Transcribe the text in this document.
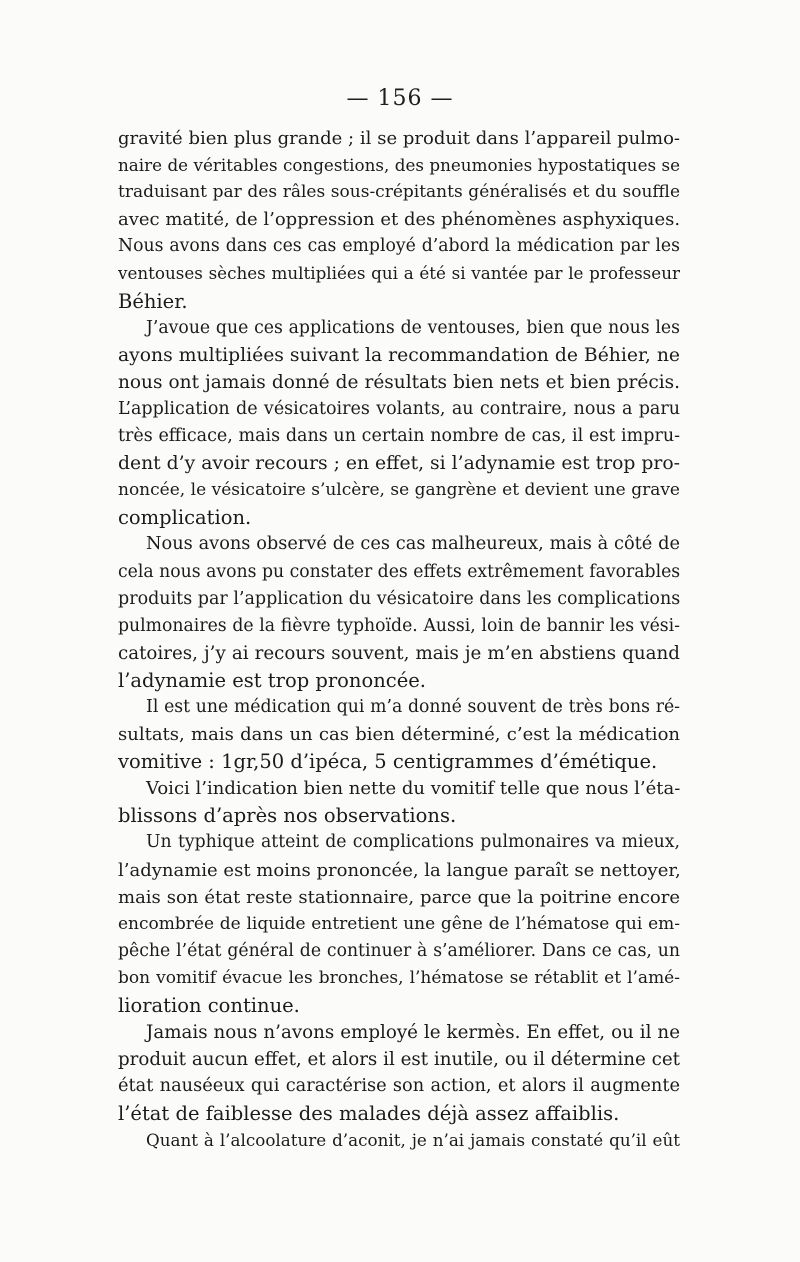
— 156 —
gravité bien plus grande ; il se produit dans l’appareil pulmo-
naire de véritables congestions, des pneumonies hypostatiques se
traduisant par des râles sous-crépitants généralisés et du souffle
avec matité, de l’oppression et des phénomènes asphyxiques.
Nous avons dans ces cas employé d’abord la médication par les
ventouses sèches multipliées qui a été si vantée par le professeur
Béhier.
J’avoue que ces applications de ventouses, bien que nous les
ayons multipliées suivant la recommandation de Béhier, ne
nous ont jamais donné de résultats bien nets et bien précis.
L’application de vésicatoires volants, au contraire, nous a paru
très efficace, mais dans un certain nombre de cas, il est impru-
dent d’y avoir recours ; en effet, si l’adynamie est trop pro-
noncée, le vésicatoire s’ulcère, se gangrène et devient une grave
complication.
Nous avons observé de ces cas malheureux, mais à côté de
cela nous avons pu constater des effets extrêmement favorables
produits par l’application du vésicatoire dans les complications
pulmonaires de la fièvre typhoïde. Aussi, loin de bannir les vési-
catoires, j’y ai recours souvent, mais je m’en abstiens quand
l’adynamie est trop prononcée.
Il est une médication qui m’a donné souvent de très bons ré-
sultats, mais dans un cas bien déterminé, c’est la médication
vomitive : 1gr,50 d’ipéca, 5 centigrammes d’émétique.
Voici l’indication bien nette du vomitif telle que nous l’éta-
blissons d’après nos observations.
Un typhique atteint de complications pulmonaires va mieux,
l’adynamie est moins prononcée, la langue paraît se nettoyer,
mais son état reste stationnaire, parce que la poitrine encore
encombrée de liquide entretient une gêne de l’hématose qui em-
pêche l’état général de continuer à s’améliorer. Dans ce cas, un
bon vomitif évacue les bronches, l’hématose se rétablit et l’amé-
lioration continue.
Jamais nous n’avons employé le kermès. En effet, ou il ne
produit aucun effet, et alors il est inutile, ou il détermine cet
état nauséeux qui caractérise son action, et alors il augmente
l’état de faiblesse des malades déjà assez affaiblis.
Quant à l’alcoolature d’aconit, je n’ai jamais constaté qu’il eût
